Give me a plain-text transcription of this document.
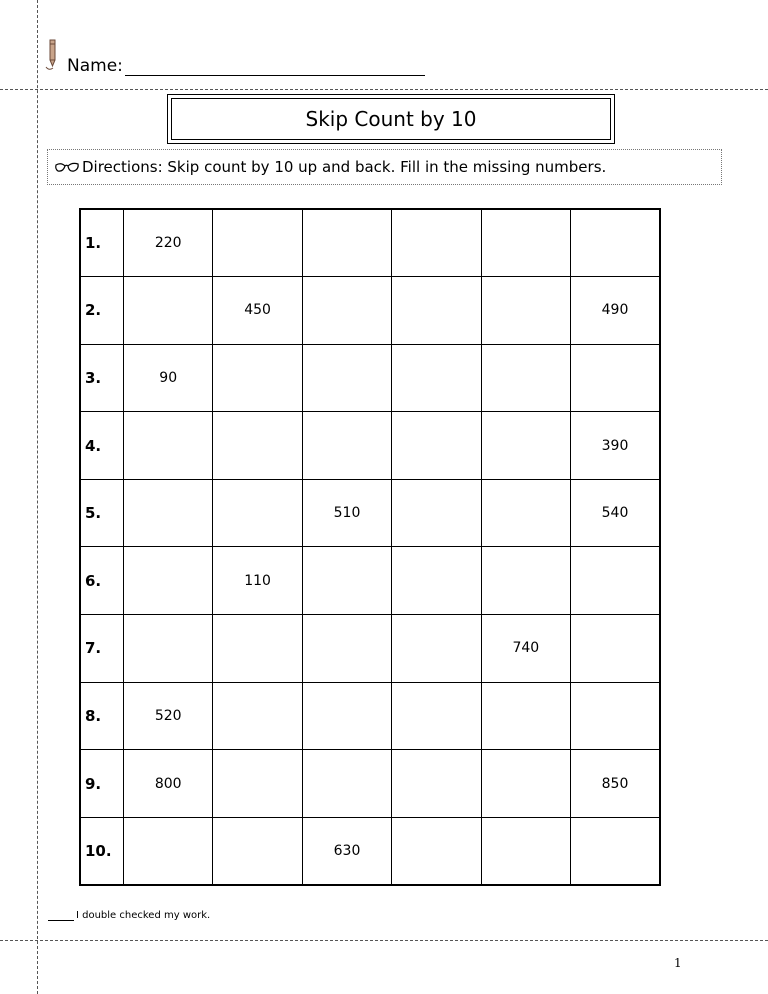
Name:
Skip Count by 10
Directions: Skip count by 10 up and back. Fill in the missing numbers.
1.	220					
2.		450				490
3.	90					
4.						390
5.			510			540
6.		110				
7.					740	
8.	520					
9.	800					850
10.			630			
I double checked my work.
1
